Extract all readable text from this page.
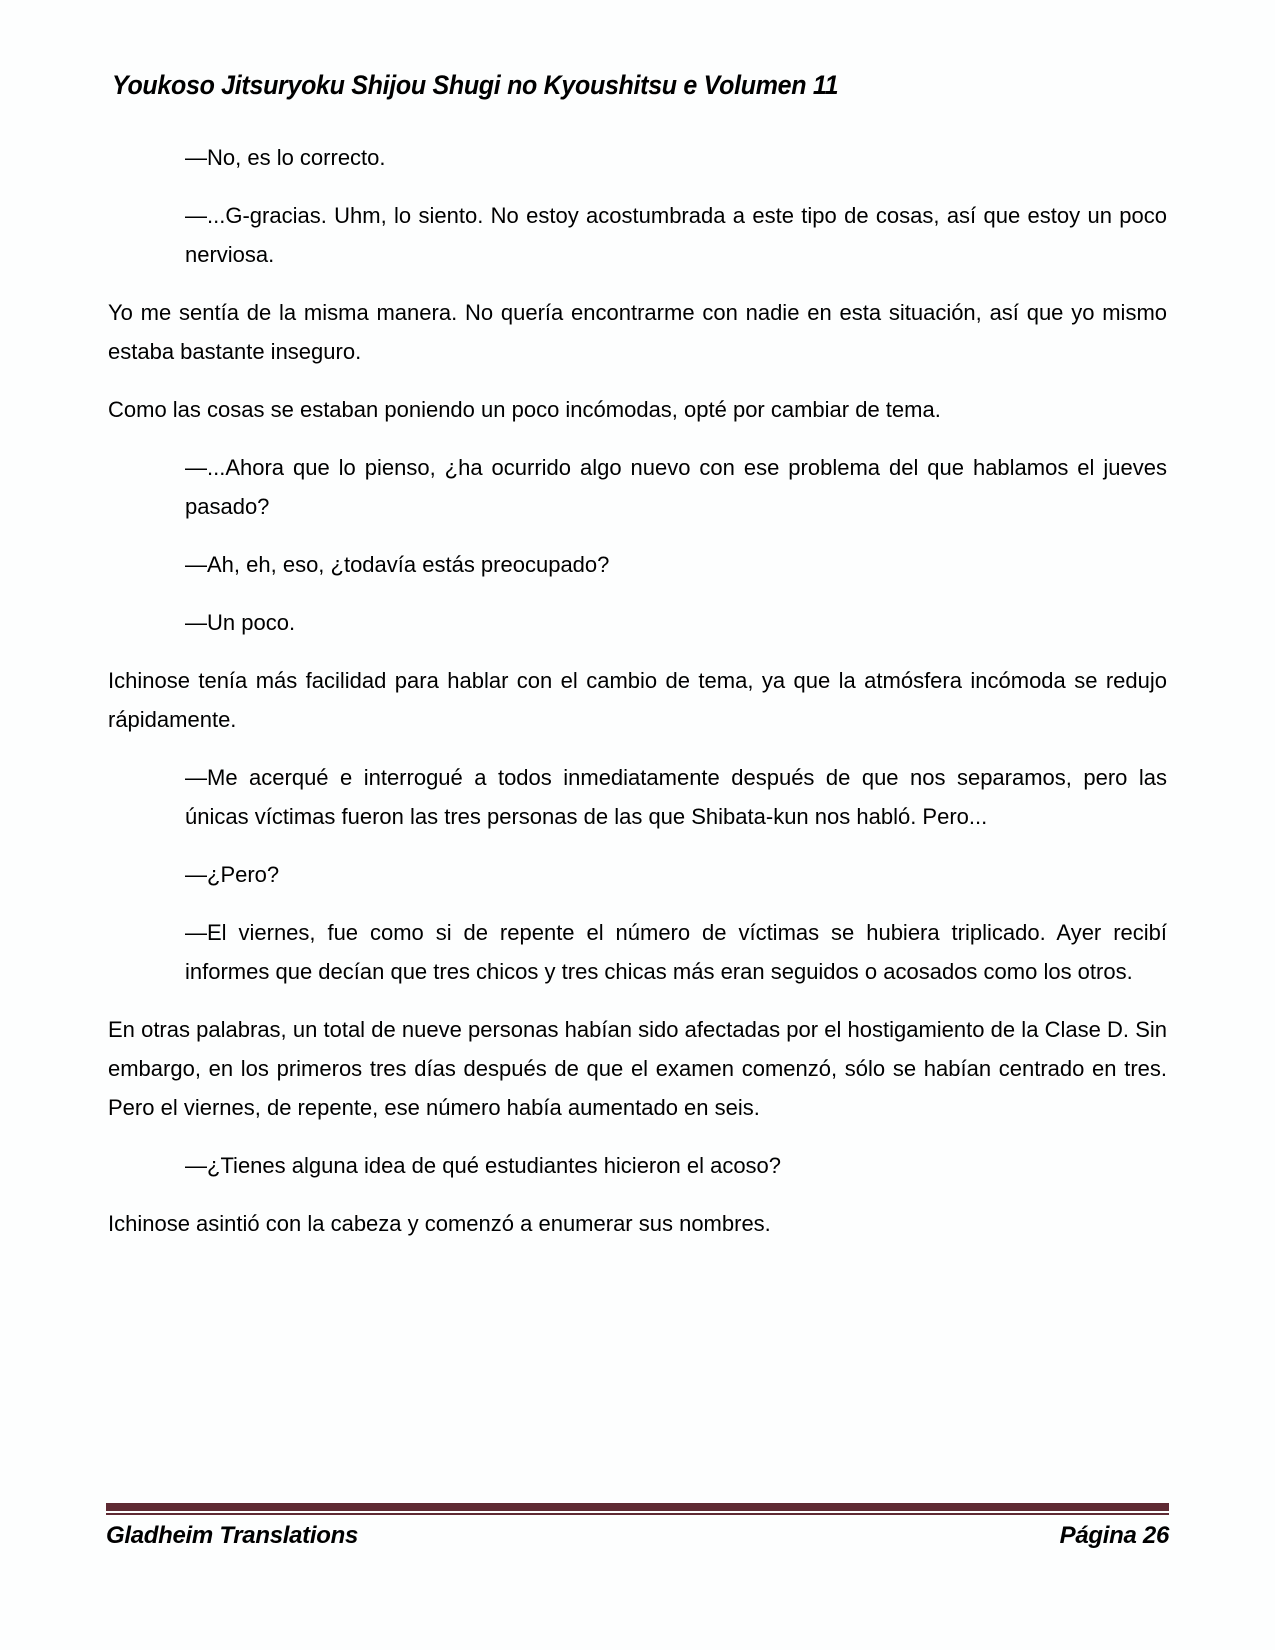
Youkoso Jitsuryoku Shijou Shugi no Kyoushitsu e Volumen 11

—No, es lo correcto.

—...G-gracias. Uhm, lo siento. No estoy acostumbrada a este tipo de cosas, así que estoy un poco nerviosa.

Yo me sentía de la misma manera. No quería encontrarme con nadie en esta situación, así que yo mismo estaba bastante inseguro.

Como las cosas se estaban poniendo un poco incómodas, opté por cambiar de tema.

—...Ahora que lo pienso, ¿ha ocurrido algo nuevo con ese problema del que hablamos el jueves pasado?

—Ah, eh, eso, ¿todavía estás preocupado?

—Un poco.

Ichinose tenía más facilidad para hablar con el cambio de tema, ya que la atmósfera incómoda se redujo rápidamente.

—Me acerqué e interrogué a todos inmediatamente después de que nos separamos, pero las únicas víctimas fueron las tres personas de las que Shibata-kun nos habló. Pero...

—¿Pero?

—El viernes, fue como si de repente el número de víctimas se hubiera triplicado. Ayer recibí informes que decían que tres chicos y tres chicas más eran seguidos o acosados como los otros.

En otras palabras, un total de nueve personas habían sido afectadas por el hostigamiento de la Clase D. Sin embargo, en los primeros tres días después de que el examen comenzó, sólo se habían centrado en tres. Pero el viernes, de repente, ese número había aumentado en seis.

—¿Tienes alguna idea de qué estudiantes hicieron el acoso?

Ichinose asintió con la cabeza y comenzó a enumerar sus nombres.

Gladheim Translations	Página 26
